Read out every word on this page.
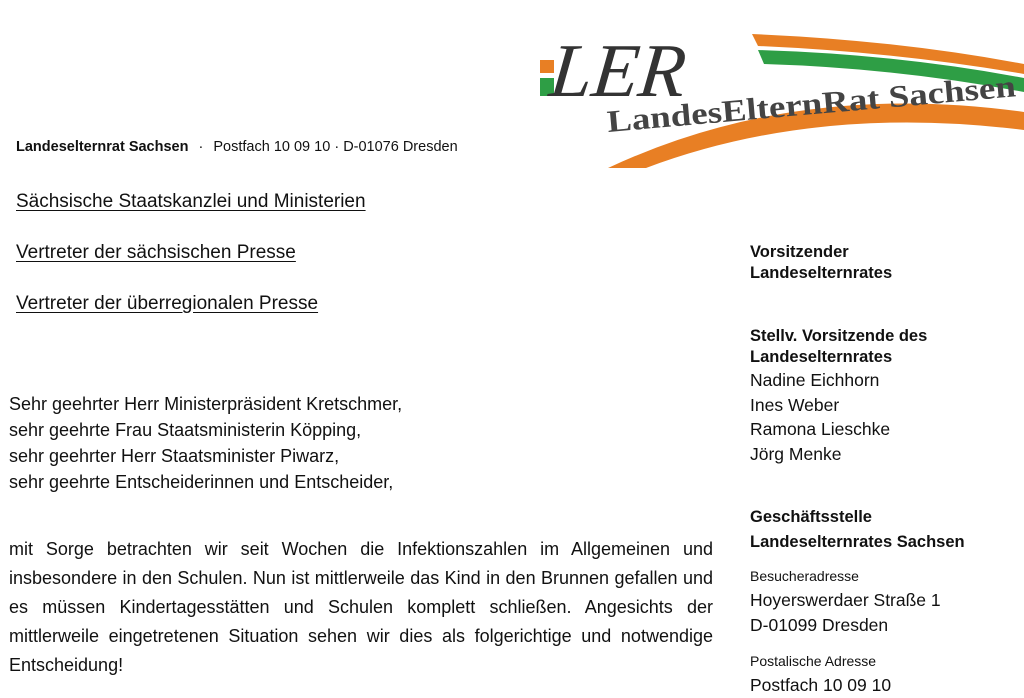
LER
LandesElternRat Sachsen
Landeselternrat Sachsen · Postfach 10 09 10 · D-01076 Dresden
Sächsische Staatskanzlei und Ministerien
Vertreter der sächsischen Presse
Vertreter der überregionalen Presse
Sehr geehrter Herr Ministerpräsident Kretschmer,
sehr geehrte Frau Staatsministerin Köpping,
sehr geehrter Herr Staatsminister Piwarz,
sehr geehrte Entscheiderinnen und Entscheider,
mit Sorge betrachten wir seit Wochen die Infektionszahlen im Allgemeinen und insbesondere in den Schulen. Nun ist mittlerweile das Kind in den Brunnen gefallen und es müssen Kindertagesstätten und Schulen komplett schließen. Angesichts der mittlerweile eingetretenen Situation sehen wir dies als folgerichtige und notwendige Entscheidung!
Vorsitzender
Landeselternrates
Stellv. Vorsitzende des
Landeselternrates
Nadine Eichhorn
Ines Weber
Ramona Lieschke
Jörg Menke
Geschäftsstelle
Landeselternrates Sachsen
Besucheradresse
Hoyerswerdaer Straße 1
D-01099 Dresden
Postalische Adresse
Postfach 10 09 10
